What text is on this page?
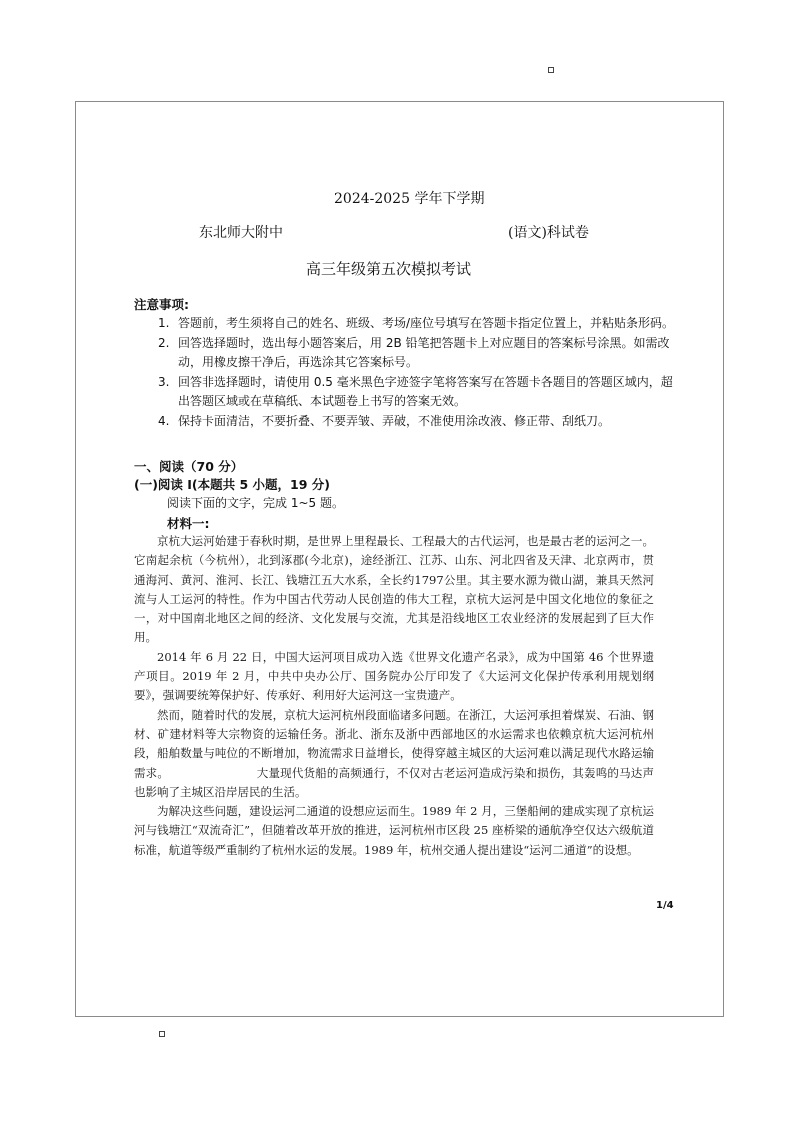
2024-2025 学年下学期
东北师大附中	(语文)科试卷
高三年级第五次模拟考试
注意事项:
1. 答题前，考生须将自己的姓名、班级、考场/座位号填写在答题卡指定位置上，并粘贴条形码。
2. 回答选择题时，选出每小题答案后，用 2B 铅笔把答题卡上对应题目的答案标号涂黑。如需改动，用橡皮擦干净后，再选涂其它答案标号。
3. 回答非选择题时，请使用 0.5 毫米黑色字迹签字笔将答案写在答题卡各题目的答题区域内，超出答题区域或在草稿纸、本试题卷上书写的答案无效。
4. 保持卡面清洁，不要折叠、不要弄皱、弄破，不准使用涂改液、修正带、刮纸刀。
一、阅读（70 分）
(一)阅读 I(本题共 5 小题，19 分)
阅读下面的文字，完成 1~5 题。
材料一:

京杭大运河始建于春秋时期，是世界上里程最长、工程最大的古代运河，也是最古老的运河之一。它南起余杭（今杭州），北到涿郡(今北京)，途经浙江、江苏、山东、河北四省及天津、北京两市，贯通海河、黄河、淮河、长江、钱塘江五大水系，全长约1797公里。其主要水源为微山湖，兼具天然河流与人工运河的特性。作为中国古代劳动人民创造的伟大工程，京杭大运河是中国文化地位的象征之一，对中国南北地区之间的经济、文化发展与交流，尤其是沿线地区工农业经济的发展起到了巨大作用。

2014 年 6 月 22 日，中国大运河项目成功入选《世界文化遗产名录》，成为中国第 46 个世界遗产项目。2019 年 2 月，中共中央办公厅、国务院办公厅印发了《大运河文化保护传承利用规划纲要》，强调要统筹保护好、传承好、利用好大运河这一宝贵遗产。

然而，随着时代的发展，京杭大运河杭州段面临诸多问题。在浙江，大运河承担着煤炭、石油、钢材、矿建材料等大宗物资的运输任务。浙北、浙东及浙中西部地区的水运需求也依赖京杭大运河杭州段，船舶数量与吨位的不断增加，物流需求日益增长，使得穿越主城区的大运河难以满足现代水路运输需求。　　　　　　　　大量现代货船的高频通行，不仅对古老运河造成污染和损伤，其轰鸣的马达声也影响了主城区沿岸居民的生活。

为解决这些问题，建设运河二通道的设想应运而生。1989 年 2 月，三堡船闸的建成实现了京杭运河与钱塘江“双流奇汇”，但随着改革开放的推进，运河杭州市区段 25 座桥梁的通航净空仅达六级航道标准，航道等级严重制约了杭州水运的发展。1989 年，杭州交通人提出建设“运河二通道”的设想。

1/4
